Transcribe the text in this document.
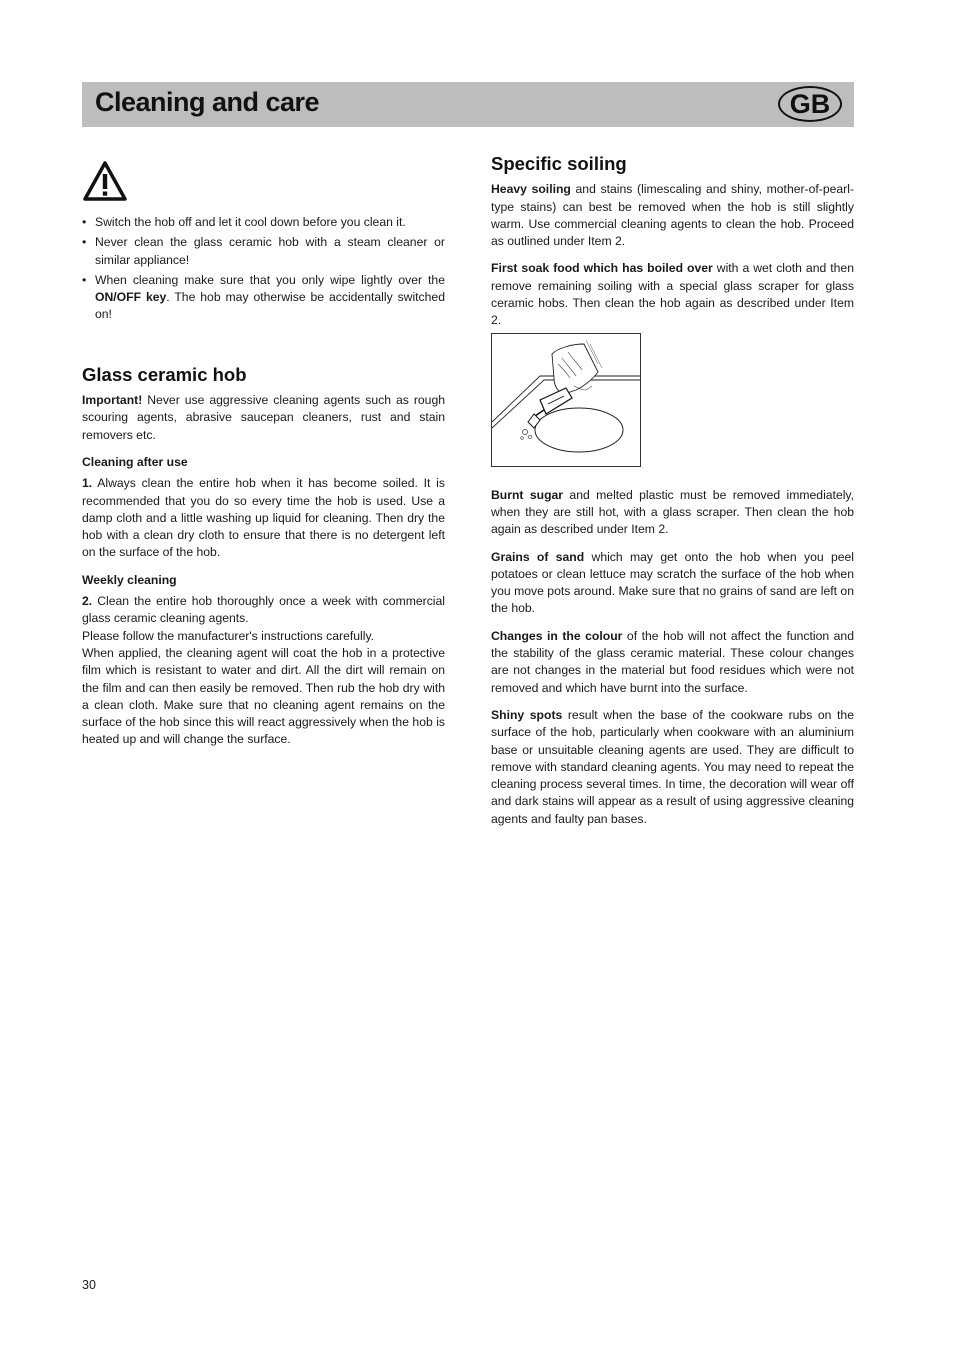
Cleaning and care	GB
• Switch the hob off and let it cool down before you clean it.
• Never clean the glass ceramic hob with a steam cleaner or similar appliance!
• When cleaning make sure that you only wipe lightly over the ON/OFF key. The hob may otherwise be accidentally switched on!
Glass ceramic hob

Important! Never use aggressive cleaning agents such as rough scouring agents, abrasive saucepan cleaners, rust and stain removers etc.

Cleaning after use

1. Always clean the entire hob when it has become soiled. It is recommended that you do so every time the hob is used. Use a damp cloth and a little washing up liquid for cleaning. Then dry the hob with a clean dry cloth to ensure that there is no detergent left on the surface of the hob.

Weekly cleaning

2. Clean the entire hob thoroughly once a week with commercial glass ceramic cleaning agents.

Please follow the manufacturer's instructions carefully.

When applied, the cleaning agent will coat the hob in a protective film which is resistant to water and dirt. All the dirt will remain on the film and can then easily be removed. Then rub the hob dry with a clean cloth. Make sure that no cleaning agent remains on the surface of the hob since this will react aggressively when the hob is heated up and will change the surface.

Specific soiling

Heavy soiling and stains (limescaling and shiny, mother-of-pearl-type stains) can best be removed when the hob is still slightly warm. Use commercial cleaning agents to clean the hob. Proceed as outlined under Item 2.

First soak food which has boiled over with a wet cloth and then remove remaining soiling with a special glass scraper for glass ceramic hobs. Then clean the hob again as described under Item 2.

Burnt sugar and melted plastic must be removed immediately, when they are still hot, with a glass scraper. Then clean the hob again as described under Item 2.

Grains of sand which may get onto the hob when you peel potatoes or clean lettuce may scratch the surface of the hob when you move pots around. Make sure that no grains of sand are left on the hob.

Changes in the colour of the hob will not affect the function and the stability of the glass ceramic material. These colour changes are not changes in the material but food residues which were not removed and which have burnt into the surface.

Shiny spots result when the base of the cookware rubs on the surface of the hob, particularly when cookware with an aluminium base or unsuitable cleaning agents are used. They are difficult to remove with standard cleaning agents. You may need to repeat the cleaning process several times. In time, the decoration will wear off and dark stains will appear as a result of using aggressive cleaning agents and faulty pan bases.

30
